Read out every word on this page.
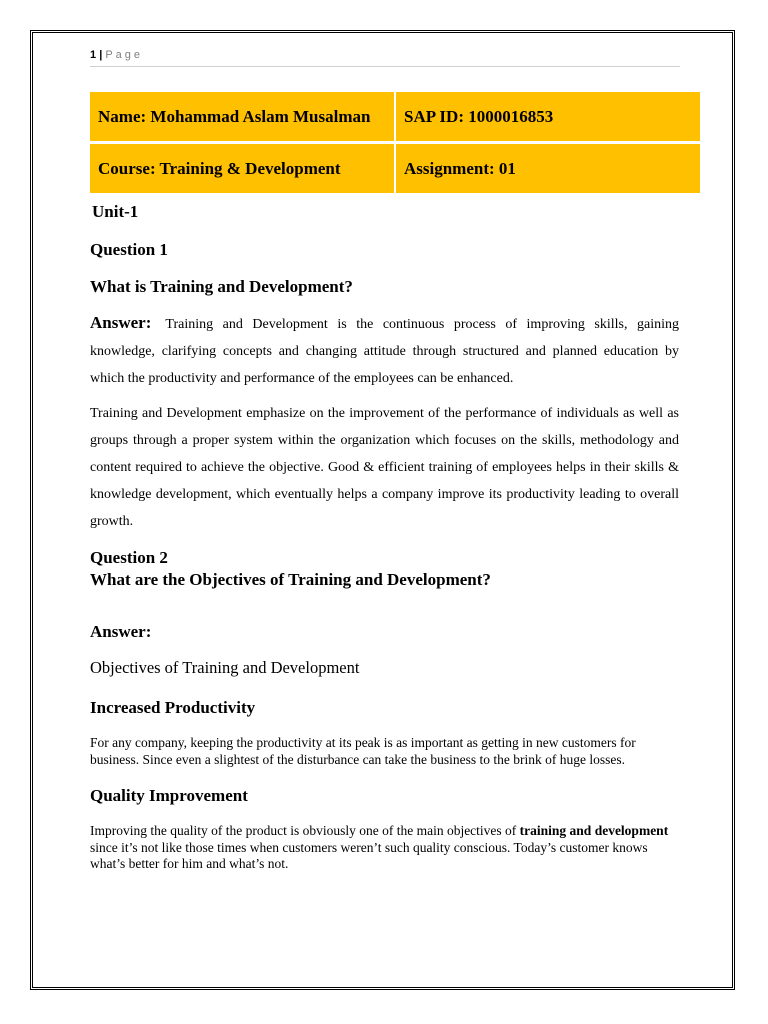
1 | Page
Name: Mohammad Aslam Musalman	SAP ID: 1000016853
Course: Training & Development	Assignment: 01
Unit-1
Question 1
What is Training and Development?

Answer: Training and Development is the continuous process of improving skills, gaining knowledge, clarifying concepts and changing attitude through structured and planned education by which the productivity and performance of the employees can be enhanced.

Training and Development emphasize on the improvement of the performance of individuals as well as groups through a proper system within the organization which focuses on the skills, methodology and content required to achieve the objective. Good & efficient training of employees helps in their skills & knowledge development, which eventually helps a company improve its productivity leading to overall growth.

Question 2
What are the Objectives of Training and Development?
Answer:
Objectives of Training and Development
Increased Productivity

For any company, keeping the productivity at its peak is as important as getting in new customers for business. Since even a slightest of the disturbance can take the business to the brink of huge losses.

Quality Improvement

Improving the quality of the product is obviously one of the main objectives of training and development since it’s not like those times when customers weren’t such quality conscious. Today’s customer knows what’s better for him and what’s not.
